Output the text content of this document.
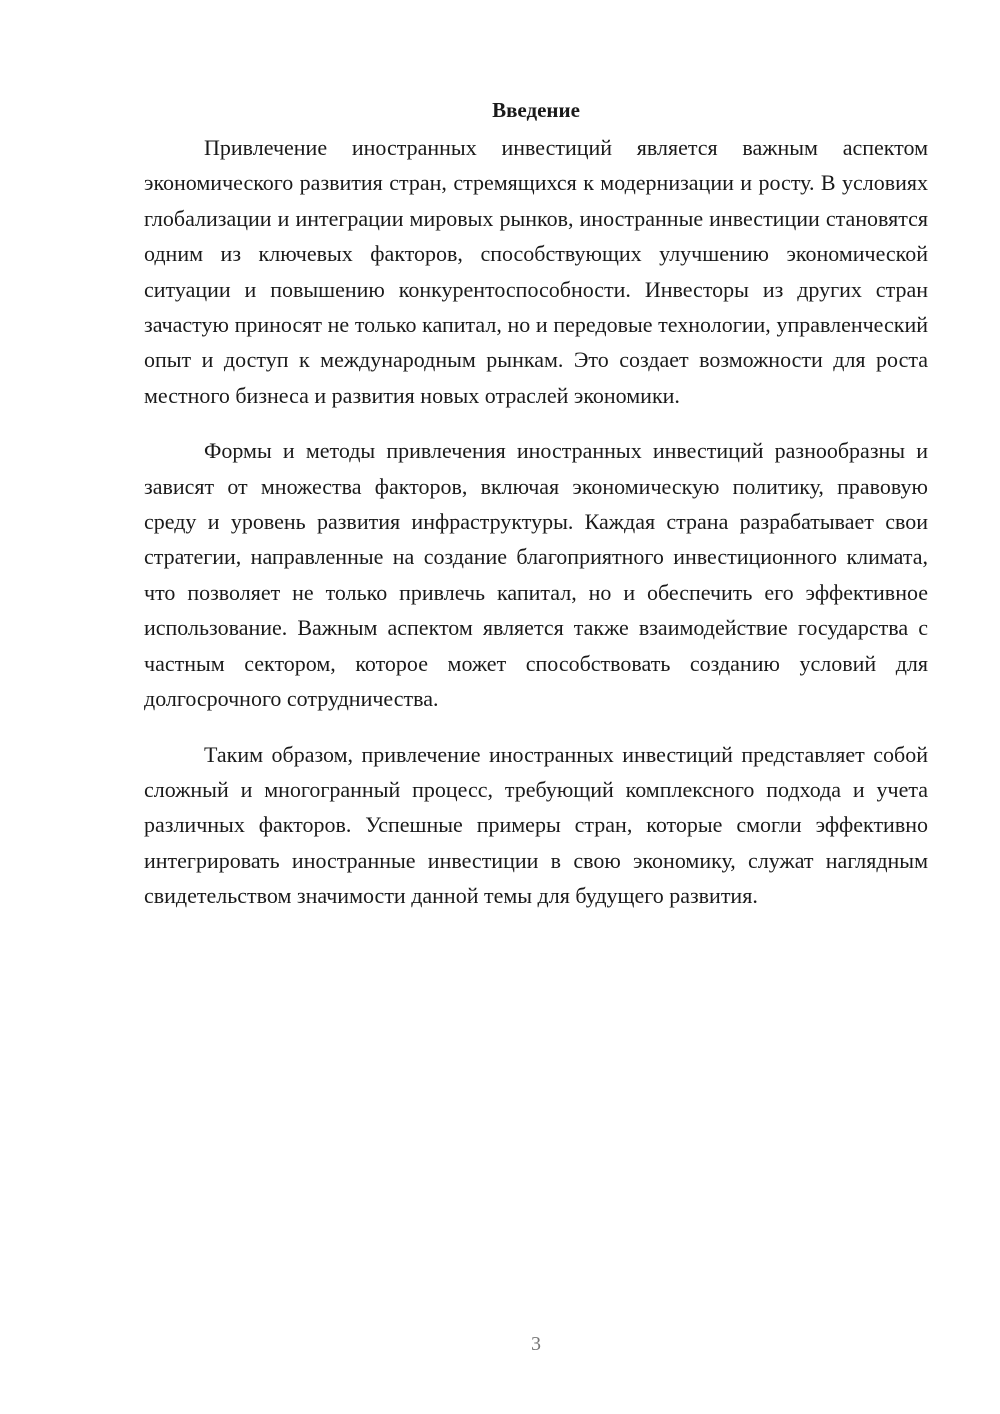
Введение

Привлечение иностранных инвестиций является важным аспектом экономического развития стран, стремящихся к модернизации и росту. В условиях глобализации и интеграции мировых рынков, иностранные инвестиции становятся одним из ключевых факторов, способствующих улучшению экономической ситуации и повышению конкурентоспособности. Инвесторы из других стран зачастую приносят не только капитал, но и передовые технологии, управленческий опыт и доступ к международным рынкам. Это создает возможности для роста местного бизнеса и развития новых отраслей экономики.

Формы и методы привлечения иностранных инвестиций разнообразны и зависят от множества факторов, включая экономическую политику, правовую среду и уровень развития инфраструктуры. Каждая страна разрабатывает свои стратегии, направленные на создание благоприятного инвестиционного климата, что позволяет не только привлечь капитал, но и обеспечить его эффективное использование. Важным аспектом является также взаимодействие государства с частным сектором, которое может способствовать созданию условий для долгосрочного сотрудничества.

Таким образом, привлечение иностранных инвестиций представляет собой сложный и многогранный процесс, требующий комплексного подхода и учета различных факторов. Успешные примеры стран, которые смогли эффективно интегрировать иностранные инвестиции в свою экономику, служат наглядным свидетельством значимости данной темы для будущего развития.

3
